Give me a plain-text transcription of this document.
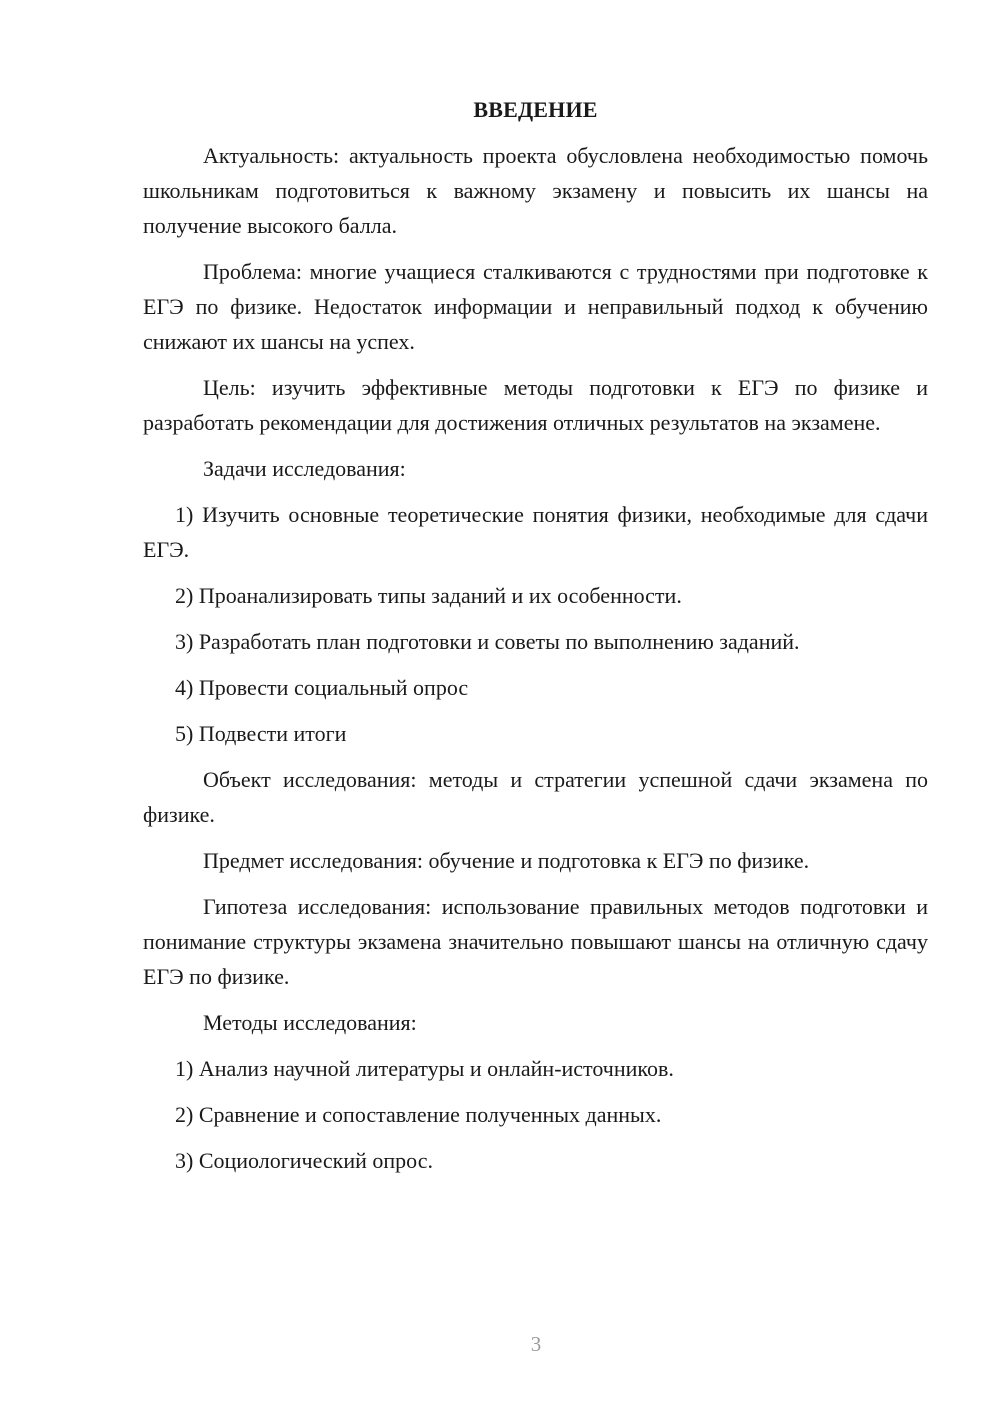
ВВЕДЕНИЕ

Актуальность: актуальность проекта обусловлена необходимостью помочь школьникам подготовиться к важному экзамену и повысить их шансы на получение высокого балла.

Проблема: многие учащиеся сталкиваются с трудностями при подготовке к ЕГЭ по физике. Недостаток информации и неправильный подход к обучению снижают их шансы на успех.

Цель: изучить эффективные методы подготовки к ЕГЭ по физике и разработать рекомендации для достижения отличных результатов на экзамене.

Задачи исследования:

1) Изучить основные теоретические понятия физики, необходимые для сдачи ЕГЭ.

2) Проанализировать типы заданий и их особенности.

3) Разработать план подготовки и советы по выполнению заданий.

4) Провести социальный опрос

5) Подвести итоги

Объект исследования: методы и стратегии успешной сдачи экзамена по физике.

Предмет исследования: обучение и подготовка к ЕГЭ по физике.

Гипотеза исследования: использование правильных методов подготовки и понимание структуры экзамена значительно повышают шансы на отличную сдачу ЕГЭ по физике.

Методы исследования:

1) Анализ научной литературы и онлайн-источников.

2) Сравнение и сопоставление полученных данных.

3) Социологический опрос.

3
